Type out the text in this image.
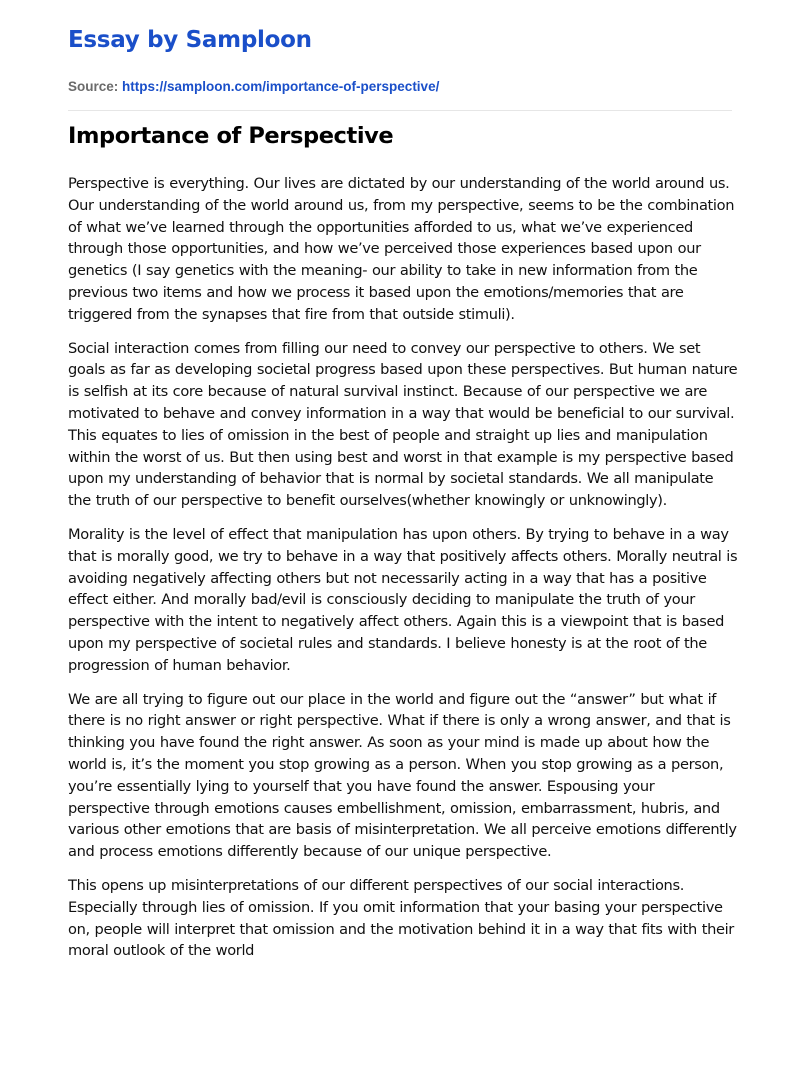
Essay by Samploon
Source: https://samploon.com/importance-of-perspective/
Importance of Perspective

Perspective is everything. Our lives are dictated by our understanding of the world around us. Our understanding of the world around us, from my perspective, seems to be the combination of what we’ve learned through the opportunities afforded to us, what we’ve experienced through those opportunities, and how we’ve perceived those experiences based upon our genetics (I say genetics with the meaning- our ability to take in new information from the previous two items and how we process it based upon the emotions/memories that are triggered from the synapses that fire from that outside stimuli).

Social interaction comes from filling our need to convey our perspective to others. We set goals as far as developing societal progress based upon these perspectives. But human nature is selfish at its core because of natural survival instinct. Because of our perspective we are motivated to behave and convey information in a way that would be beneficial to our survival. This equates to lies of omission in the best of people and straight up lies and manipulation within the worst of us. But then using best and worst in that example is my perspective based upon my understanding of behavior that is normal by societal standards. We all manipulate the truth of our perspective to benefit ourselves(whether knowingly or unknowingly).

Morality is the level of effect that manipulation has upon others. By trying to behave in a way that is morally good, we try to behave in a way that positively affects others. Morally neutral is avoiding negatively affecting others but not necessarily acting in a way that has a positive effect either. And morally bad/evil is consciously deciding to manipulate the truth of your perspective with the intent to negatively affect others. Again this is a viewpoint that is based upon my perspective of societal rules and standards. I believe honesty is at the root of the progression of human behavior.

We are all trying to figure out our place in the world and figure out the “answer” but what if there is no right answer or right perspective. What if there is only a wrong answer, and that is thinking you have found the right answer. As soon as your mind is made up about how the world is, it’s the moment you stop growing as a person. When you stop growing as a person, you’re essentially lying to yourself that you have found the answer. Espousing your perspective through emotions causes embellishment, omission, embarrassment, hubris, and various other emotions that are basis of misinterpretation. We all perceive emotions differently and process emotions differently because of our unique perspective.

This opens up misinterpretations of our different perspectives of our social interactions. Especially through lies of omission. If you omit information that your basing your perspective on, people will interpret that omission and the motivation behind it in a way that fits with their moral outlook of the world
